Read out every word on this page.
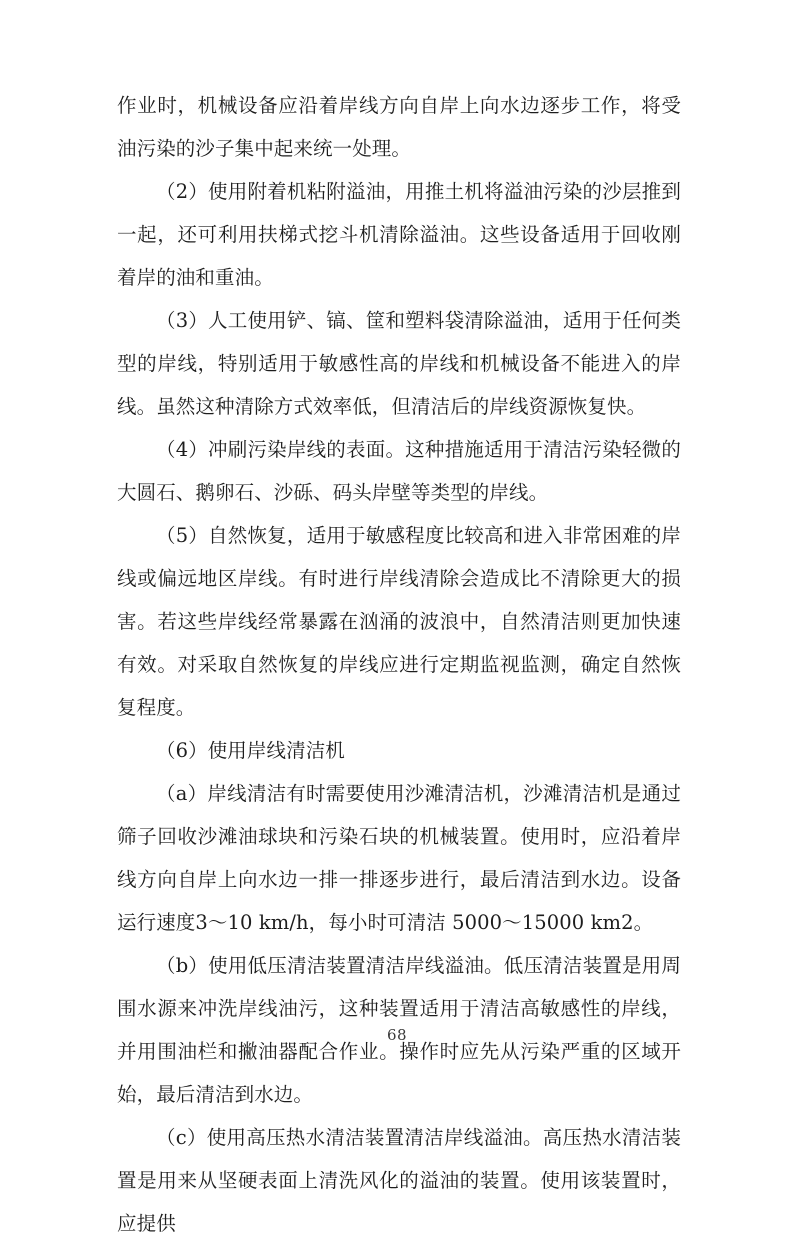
作业时，机械设备应沿着岸线方向自岸上向水边逐步工作，将受油污染的沙子集中起来统一处理。

（2）使用附着机粘附溢油，用推土机将溢油污染的沙层推到一起，还可利用扶梯式挖斗机清除溢油。这些设备适用于回收刚着岸的油和重油。

（3）人工使用铲、镐、筐和塑料袋清除溢油，适用于任何类型的岸线，特别适用于敏感性高的岸线和机械设备不能进入的岸线。虽然这种清除方式效率低，但清洁后的岸线资源恢复快。

（4）冲刷污染岸线的表面。这种措施适用于清洁污染轻微的大圆石、鹅卵石、沙砾、码头岸壁等类型的岸线。

（5）自然恢复，适用于敏感程度比较高和进入非常困难的岸线或偏远地区岸线。有时进行岸线清除会造成比不清除更大的损害。若这些岸线经常暴露在汹涌的波浪中，自然清洁则更加快速有效。对采取自然恢复的岸线应进行定期监视监测，确定自然恢复程度。

（6）使用岸线清洁机

（a）岸线清洁有时需要使用沙滩清洁机，沙滩清洁机是通过筛子回收沙滩油球块和污染石块的机械装置。使用时，应沿着岸线方向自岸上向水边一排一排逐步进行，最后清洁到水边。设备运行速度3～10 km/h，每小时可清洁 5000～15000 km2。

（b）使用低压清洁装置清洁岸线溢油。低压清洁装置是用周围水源来冲洗岸线油污，这种装置适用于清洁高敏感性的岸线，并用围油栏和撇油器配合作业。操作时应先从污染严重的区域开始，最后清洁到水边。

（c）使用高压热水清洁装置清洁岸线溢油。高压热水清洁装置是用来从坚硬表面上清洗风化的溢油的装置。使用该装置时，应提供

68
